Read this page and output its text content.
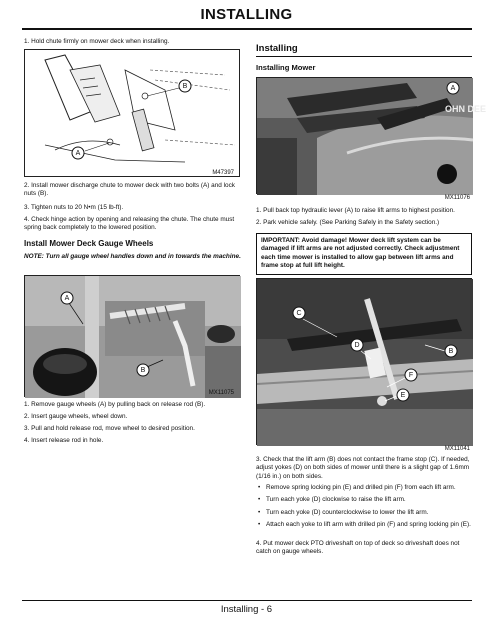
INSTALLING
1. Hold chute firmly on mower deck when installing.
A
B
M47397
2. Install mower discharge chute to mower deck with two bolts (A) and lock nuts (B).
3. Tighten nuts to 20 N•m (15 lb-ft).
4. Check hinge action by opening and releasing the chute. The chute must spring back completely to the lowered position.
Install Mower Deck Gauge Wheels
NOTE: Turn all gauge wheel handles down and in towards the machine.
A
B
MX11075
1. Remove gauge wheels (A) by pulling back on release rod (B).
2. Insert gauge wheels, wheel down.
3. Pull and hold release rod, move wheel to desired position.
4. Insert release rod in hole.
Installing
Installing Mower
OHN DEE
A
MX11076
1. Pull back top hydraulic lever (A) to raise lift arms to highest position.
2. Park vehicle safely. (See Parking Safely in the Safety section.)
IMPORTANT: Avoid damage! Mower deck lift system can be damaged if lift arms are not adjusted correctly. Check adjustment each time mower is installed to allow gap between lift arms and frame stop at full lift height.
C
D
B
F
E
MX11041
3. Check that the lift arm (B) does not contact the frame stop (C). If needed, adjust yokes (D) on both sides of mower until there is a slight gap of 1.6mm (1/16 in.) on both sides.
• Remove spring locking pin (E) and drilled pin (F) from each lift arm.
• Turn each yoke (D) clockwise to raise the lift arm.
• Turn each yoke (D) counterclockwise to lower the lift arm.
• Attach each yoke to lift arm with drilled pin (F) and spring locking pin (E).
4. Put mower deck PTO driveshaft on top of deck so driveshaft does not catch on gauge wheels.
Installing - 6
